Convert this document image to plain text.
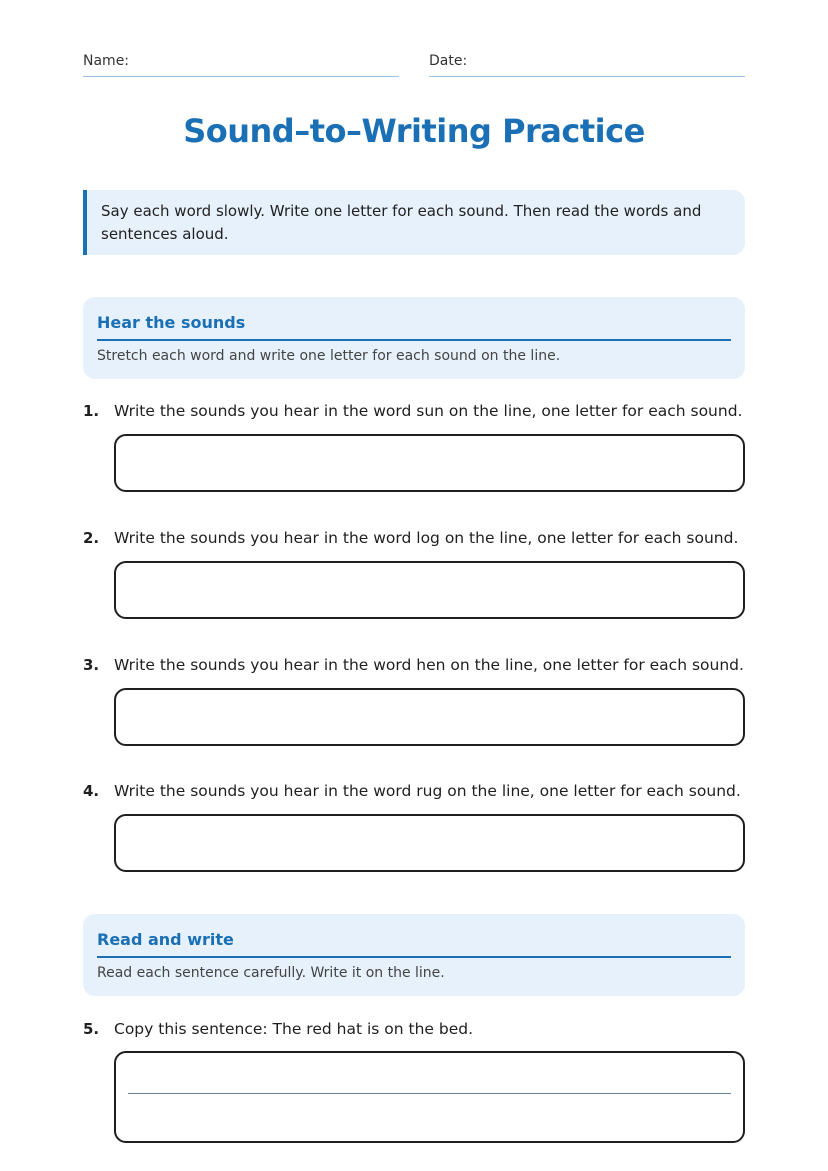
Name:	Date:
Sound–to–Writing Practice
Say each word slowly. Write one letter for each sound. Then read the words and sentences aloud.
Hear the sounds
Stretch each word and write one letter for each sound on the line.
1. Write the sounds you hear in the word sun on the line, one letter for each sound.
2. Write the sounds you hear in the word log on the line, one letter for each sound.
3. Write the sounds you hear in the word hen on the line, one letter for each sound.
4. Write the sounds you hear in the word rug on the line, one letter for each sound.
Read and write
Read each sentence carefully. Write it on the line.
5. Copy this sentence: The red hat is on the bed.
